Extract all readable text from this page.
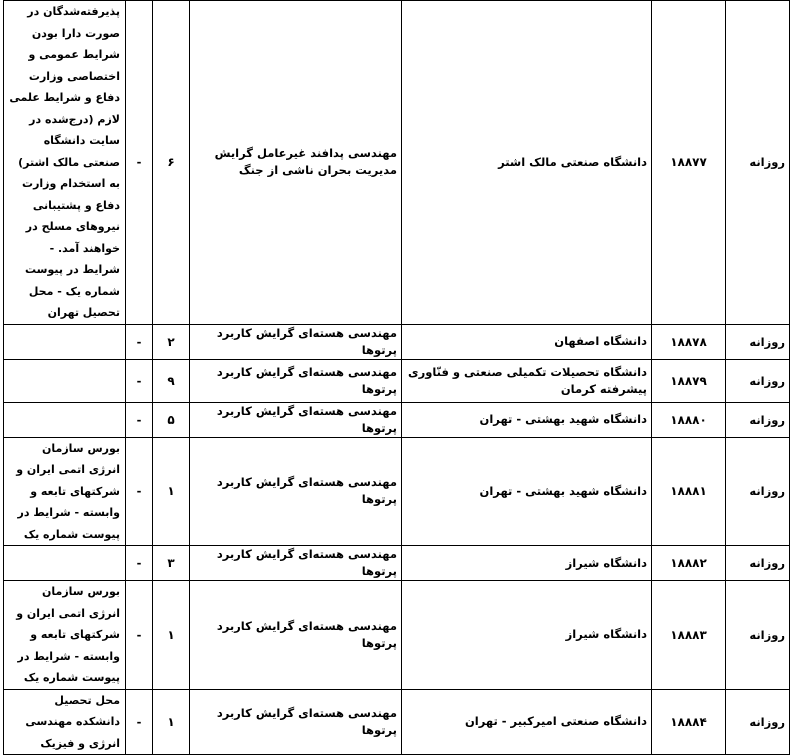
پذیرفته‌شدگان در صورت دارا بودن شرایط عمومی و اختصاصی وزارت دفاع و شرایط علمی لازم (درج‌شده در سایت دانشگاه صنعتی مالک اشتر) به استخدام وزارت دفاع و پشتیبانی نیروهای مسلح در خواهند آمد. - شرایط در پیوست شماره یک - محل تحصیل تهران	-	۶	مهندسی پدافند غیرعامل گرایش مدیریت بحران ناشی از جنگ	دانشگاه صنعتی مالک اشتر	۱۸۸۷۷	روزانه
	-	۲	مهندسی هسته‌ای گرایش کاربرد پرتوها	دانشگاه اصفهان	۱۸۸۷۸	روزانه
	-	۹	مهندسی هسته‌ای گرایش کاربرد پرتوها	دانشگاه تحصیلات تکمیلی صنعتی و فنّاوری پیشرفته کرمان	۱۸۸۷۹	روزانه
	-	۵	مهندسی هسته‌ای گرایش کاربرد پرتوها	دانشگاه شهید بهشتی - تهران	۱۸۸۸۰	روزانه
بورس سازمان انرژی اتمی ایران و شرکتهای تابعه و وابسته - شرایط در پیوست شماره یک	-	۱	مهندسی هسته‌ای گرایش کاربرد پرتوها	دانشگاه شهید بهشتی - تهران	۱۸۸۸۱	روزانه
	-	۳	مهندسی هسته‌ای گرایش کاربرد پرتوها	دانشگاه شیراز	۱۸۸۸۲	روزانه
بورس سازمان انرژی اتمی ایران و شرکتهای تابعه و وابسته - شرایط در پیوست شماره یک	-	۱	مهندسی هسته‌ای گرایش کاربرد پرتوها	دانشگاه شیراز	۱۸۸۸۳	روزانه
محل تحصیل دانشکده مهندسی انرژی و فیزیک	-	۱	مهندسی هسته‌ای گرایش کاربرد پرتوها	دانشگاه صنعتی امیرکبیر - تهران	۱۸۸۸۴	روزانه
